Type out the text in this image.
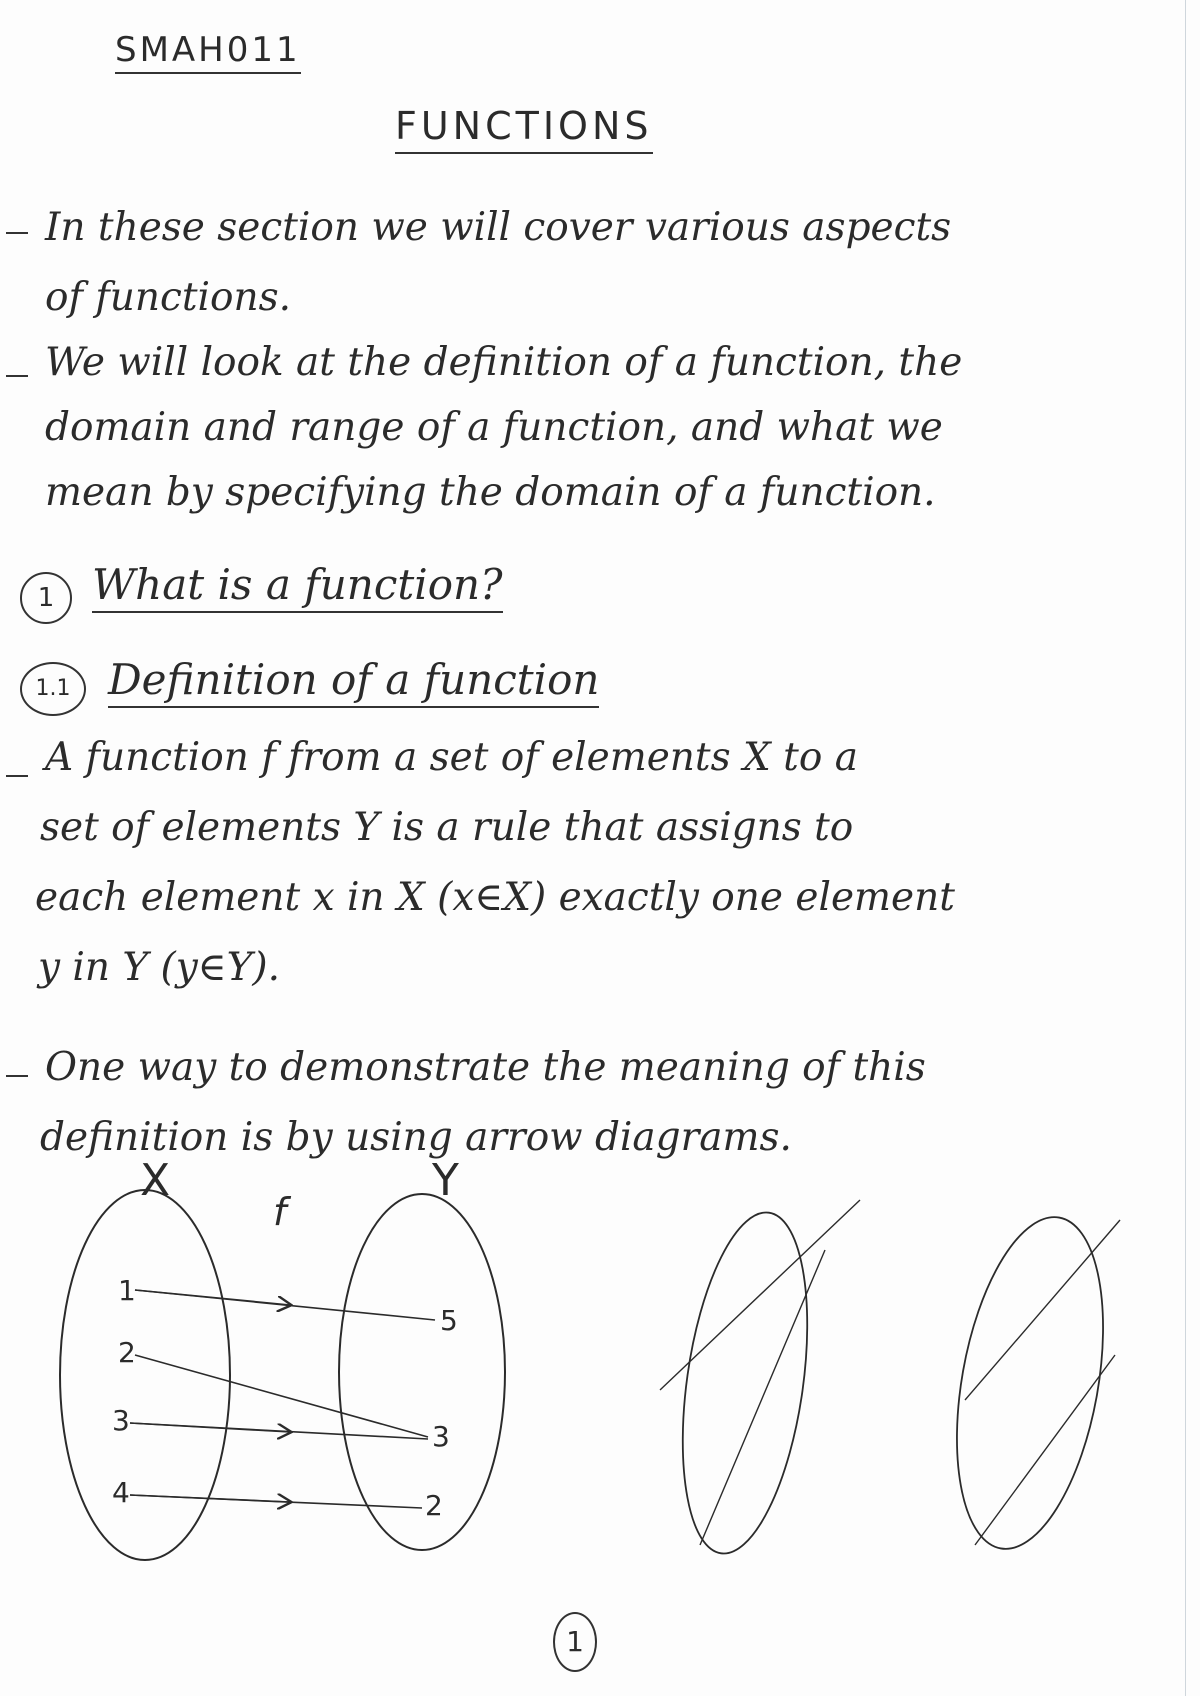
SMAH011
FUNCTIONS
In these section we will cover various aspects
of functions.
We will look at the definition of a function, the
domain and range of a function, and what we
mean by specifying the domain of a function.
1 What is a function?
1.1 Definition of a function
A function f from a set of elements X to a
set of elements Y is a rule that assigns to
each element x in X (x∈X) exactly one element
y in Y (y∈Y).
One way to demonstrate the meaning of this
definition is by using arrow diagrams.
X	Y
f
1
2
3
4
5
3
2
1
